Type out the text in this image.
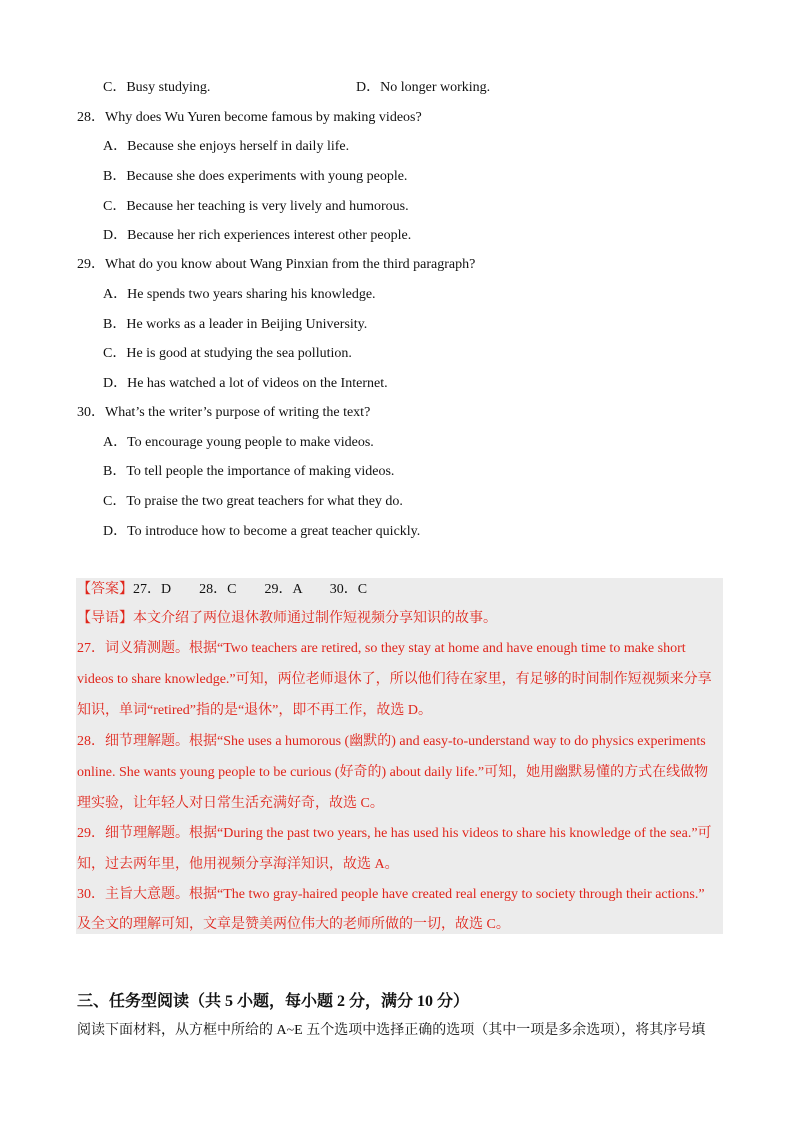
C．Busy studying.	D．No longer working.
28．Why does Wu Yuren become famous by making videos?
A．Because she enjoys herself in daily life.
B．Because she does experiments with young people.
C．Because her teaching is very lively and humorous.
D．Because her rich experiences interest other people.
29．What do you know about Wang Pinxian from the third paragraph?
A．He spends two years sharing his knowledge.
B．He works as a leader in Beijing University.
C．He is good at studying the sea pollution.
D．He has watched a lot of videos on the Internet.
30．What’s the writer’s purpose of writing the text?
A．To encourage young people to make videos.
B．To tell people the importance of making videos.
C．To praise the two great teachers for what they do.
D．To introduce how to become a great teacher quickly.
【答案】27．D　　28．C　　29．A　　30．C
【导语】本文介绍了两位退休教师通过制作短视频分享知识的故事。
27．词义猜测题。根据“Two teachers are retired, so they stay at home and have enough time to make short
videos to share knowledge.”可知，两位老师退休了，所以他们待在家里，有足够的时间制作短视频来分享
知识，单词“retired”指的是“退休”，即不再工作，故选 D。
28．细节理解题。根据“She uses a humorous (幽默的) and easy-to-understand way to do physics experiments
online. She wants young people to be curious (好奇的) about daily life.”可知，她用幽默易懂的方式在线做物
理实验，让年轻人对日常生活充满好奇，故选 C。
29．细节理解题。根据“During the past two years, he has used his videos to share his knowledge of the sea.”可
知，过去两年里，他用视频分享海洋知识，故选 A。
30．主旨大意题。根据“The two gray-haired people have created real energy to society through their actions.”
及全文的理解可知，文章是赞美两位伟大的老师所做的一切，故选 C。
三、任务型阅读（共 5 小题，每小题 2 分，满分 10 分）
阅读下面材料，从方框中所给的 A~E 五个选项中选择正确的选项（其中一项是多余选项），将其序号填
